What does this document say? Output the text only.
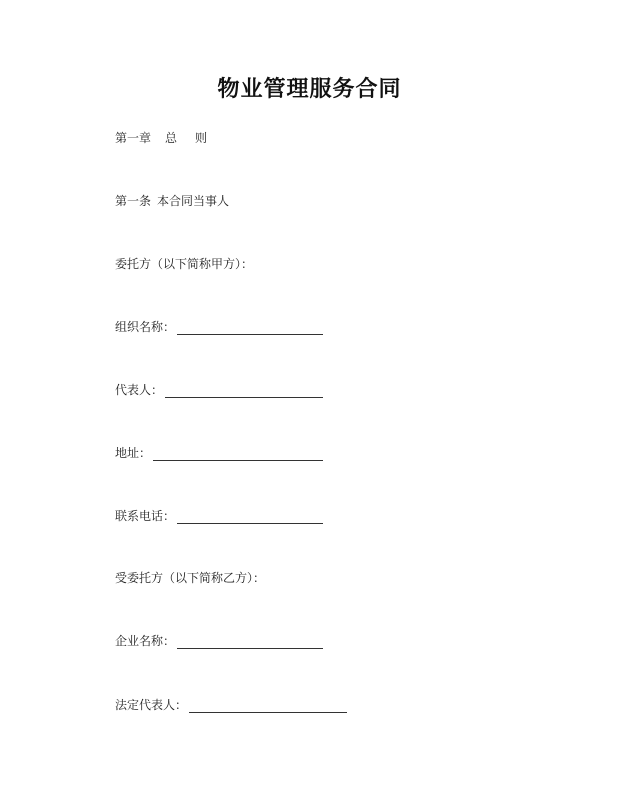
物业管理服务合同
第一章 总 则
第一条 本合同当事人
委托方（以下简称甲方）：
组织名称：
代表人：
地址：
联系电话：
受委托方（以下简称乙方）：
企业名称：
法定代表人：
